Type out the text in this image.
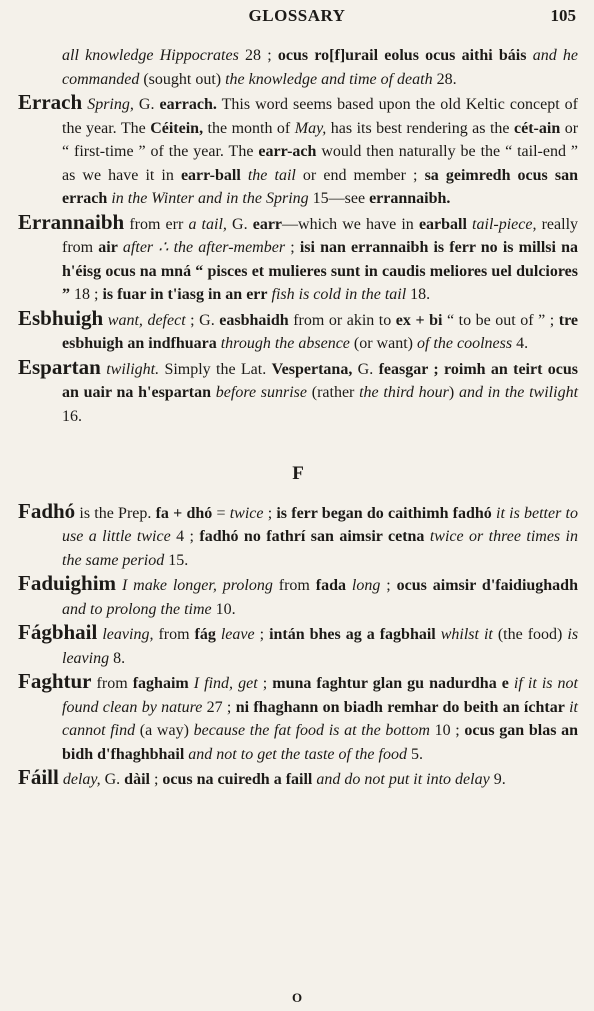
GLOSSARY	105

all knowledge Hippocrates 28 ; ocus ro[f]urail eolus ocus aithi báis and he commanded (sought out) the knowledge and time of death 28.

Errach Spring, G. earrach. This word seems based upon the old Keltic concept of the year. The Céitein, the month of May, has its best rendering as the cét-ain or “ first-time ” of the year. The earr-ach would then naturally be the “ tail-end ” as we have it in earr-ball the tail or end member ; sa geimredh ocus san errach in the Winter and in the Spring 15—see errannaibh.

Errannaibh from err a tail, G. earr—which we have in earball tail-piece, really from air after ∴ the after-member ; isi nan errannaibh is ferr no is millsi na h'éisg ocus na mná “ pisces et mulieres sunt in caudis meliores uel dulciores ” 18 ; is fuar in t'iasg in an err fish is cold in the tail 18.

Esbhuigh want, defect ; G. easbhaidh from or akin to ex + bi “ to be out of ” ; tre esbhuigh an indfhuara through the absence (or want) of the coolness 4.

Espartan twilight. Simply the Lat. Vespertana, G. feasgar ; roimh an teirt ocus an uair na h'espartan before sunrise (rather the third hour) and in the twilight 16.

F

Fadhó is the Prep. fa + dhó = twice ; is ferr began do caithimh fadhó it is better to use a little twice 4 ; fadhó no fathrí san aimsir cetna twice or three times in the same period 15.

Faduighim I make longer, prolong from fada long ; ocus aimsir d'faidiughadh and to prolong the time 10.

Fágbhail leaving, from fág leave ; intán bhes ag a fagbhail whilst it (the food) is leaving 8.

Faghtur from faghaim I find, get ; muna faghtur glan gu nadurdha e if it is not found clean by nature 27 ; ni fhaghann on biadh remhar do beith an íchtar it cannot find (a way) because the fat food is at the bottom 10 ; ocus gan blas an bidh d'fhaghbhail and not to get the taste of the food 5.

Fáill delay, G. dàil ; ocus na cuiredh a faill and do not put it into delay 9.

O
